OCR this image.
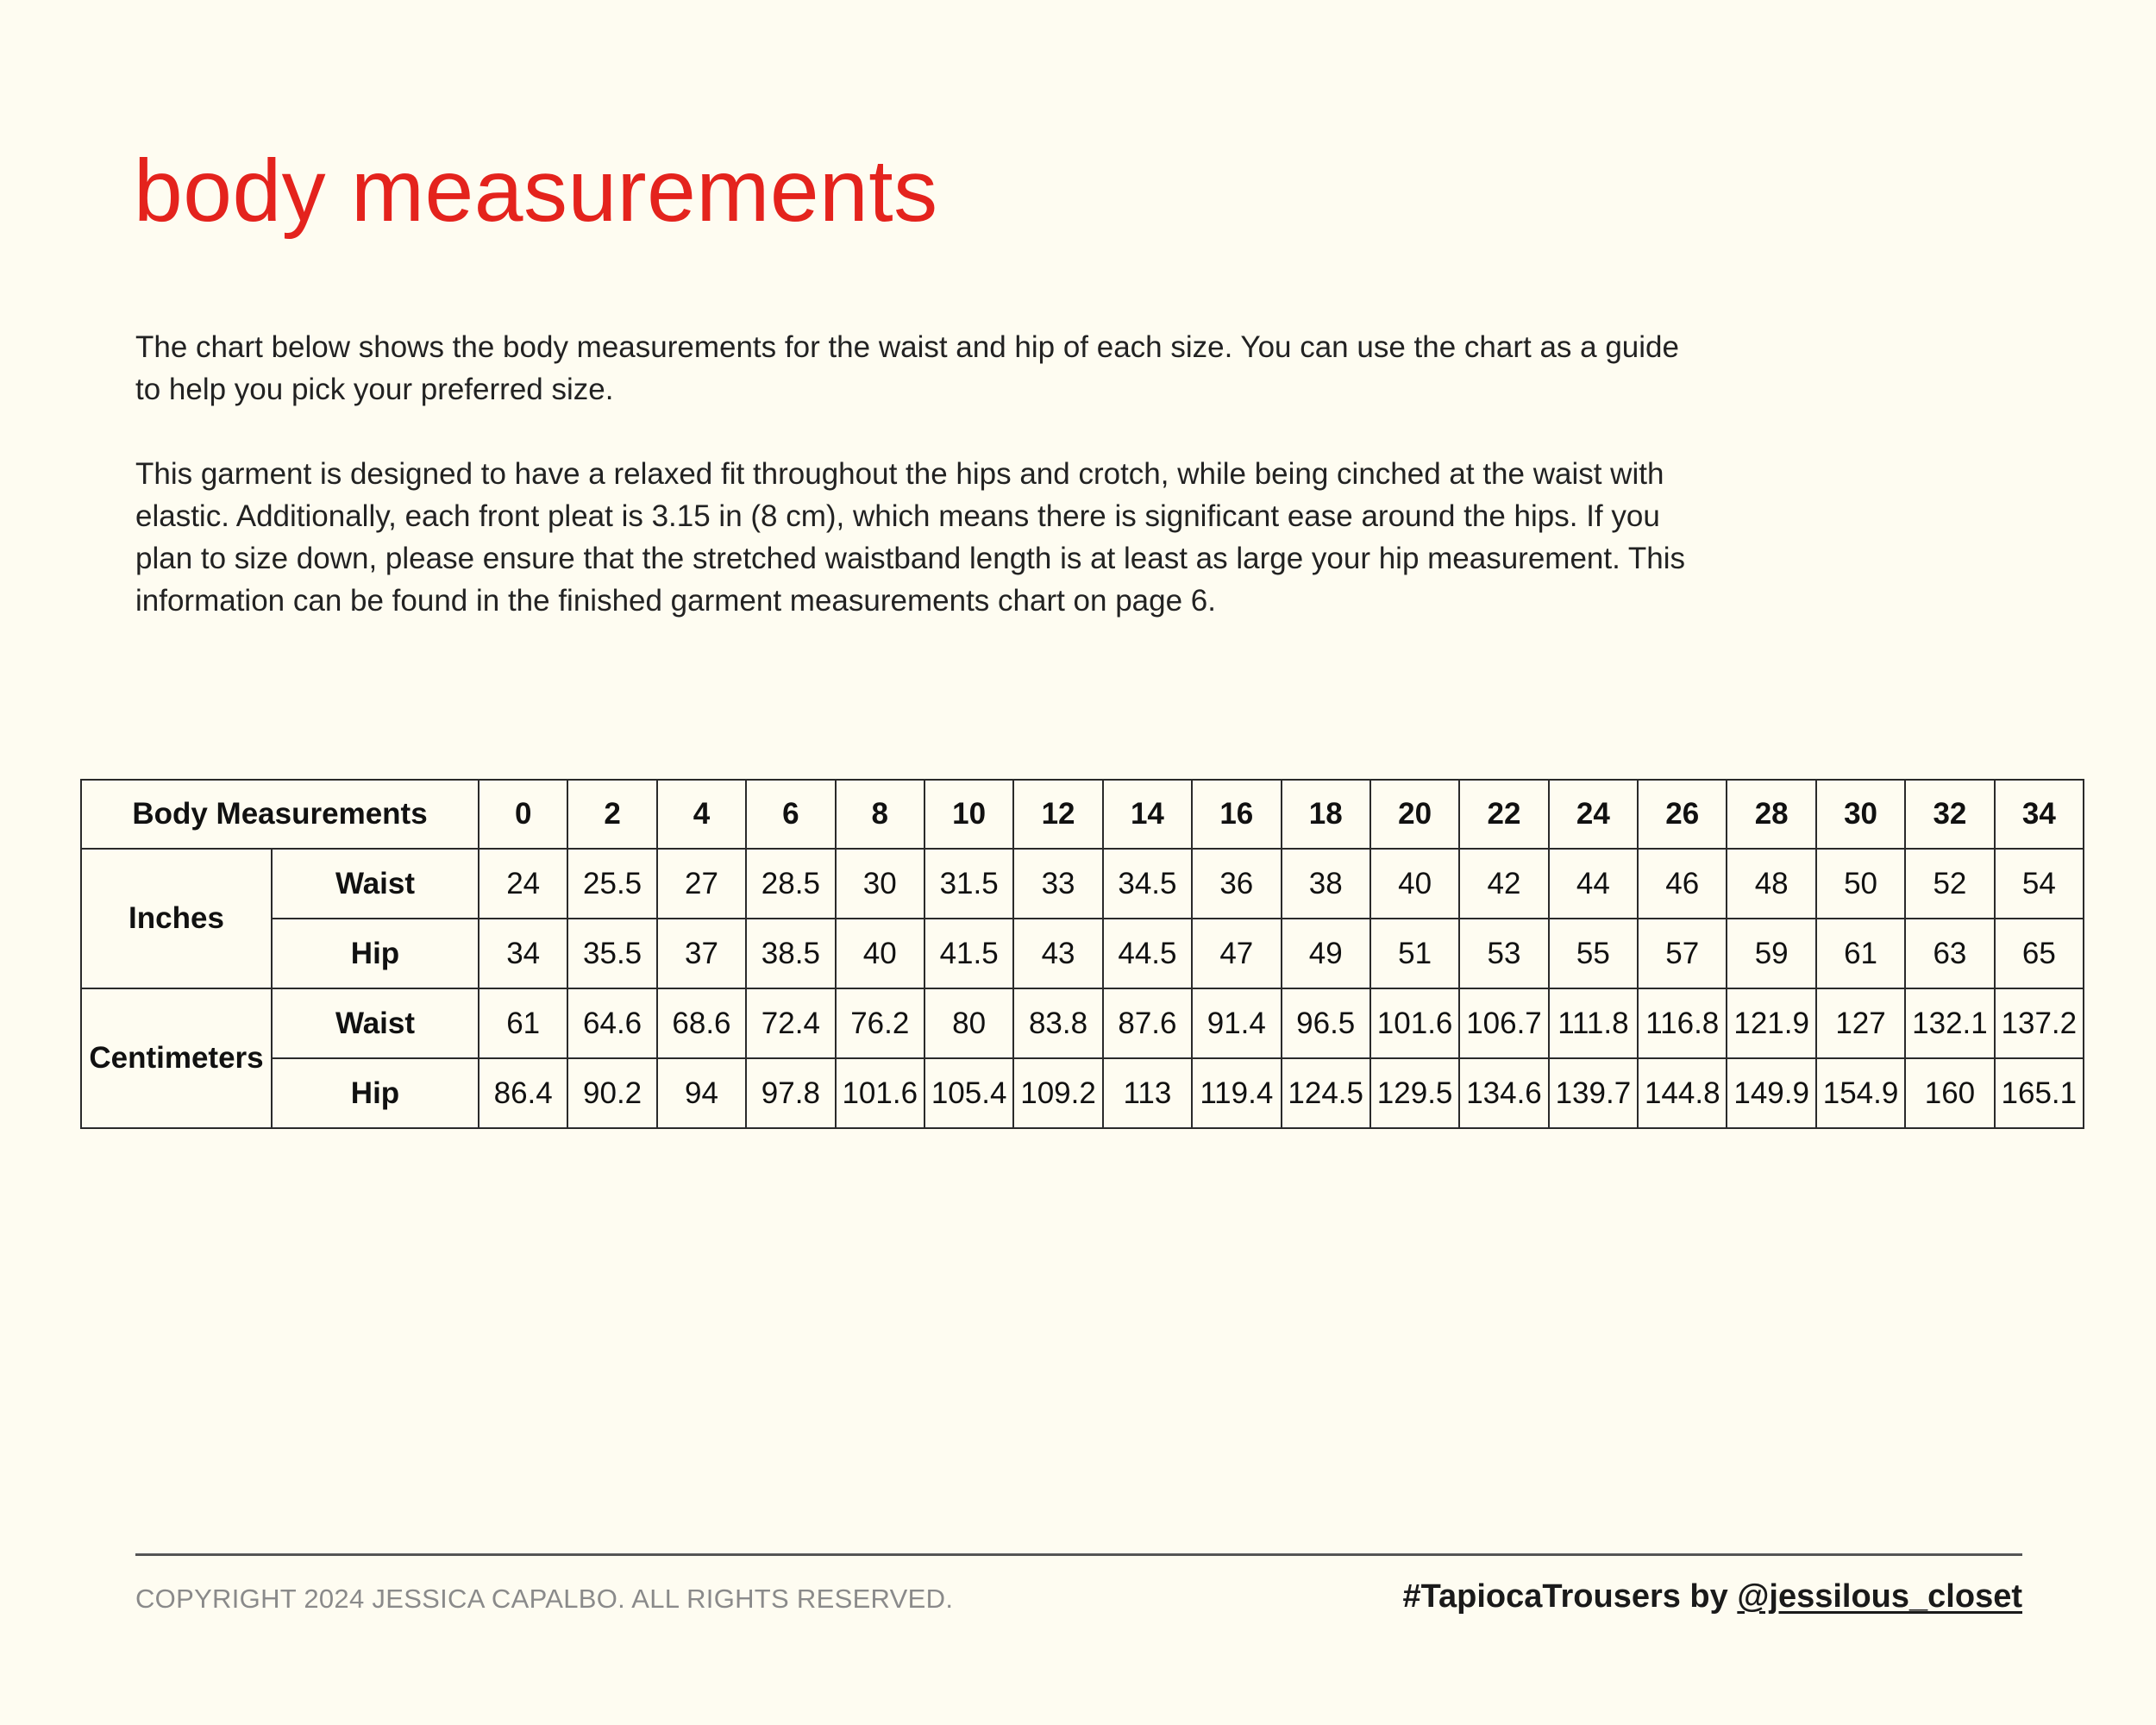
body measurements

The chart below shows the body measurements for the waist and hip of each size. You can use the chart as a guide to help you pick your preferred size.

This garment is designed to have a relaxed fit throughout the hips and crotch, while being cinched at the waist with elastic. Additionally, each front pleat is 3.15 in (8 cm), which means there is significant ease around the hips. If you plan to size down, please ensure that the stretched waistband length is at least as large your hip measurement. This information can be found in the finished garment measurements chart on page 6.

Body Measurements		0	2	4	6	8	10	12	14	16	18	20	22	24	26	28	30	32	34
Inches	Waist	24	25.5	27	28.5	30	31.5	33	34.5	36	38	40	42	44	46	48	50	52	54
	Hip	34	35.5	37	38.5	40	41.5	43	44.5	47	49	51	53	55	57	59	61	63	65
Centimeters	Waist	61	64.6	68.6	72.4	76.2	80	83.8	87.6	91.4	96.5	101.6	106.7	111.8	116.8	121.9	127	132.1	137.2
	Hip	86.4	90.2	94	97.8	101.6	105.4	109.2	113	119.4	124.5	129.5	134.6	139.7	144.8	149.9	154.9	160	165.1
COPYRIGHT 2024 JESSICA CAPALBO. ALL RIGHTS RESERVED.	#TapiocaTrousers by @jessilous_closet
